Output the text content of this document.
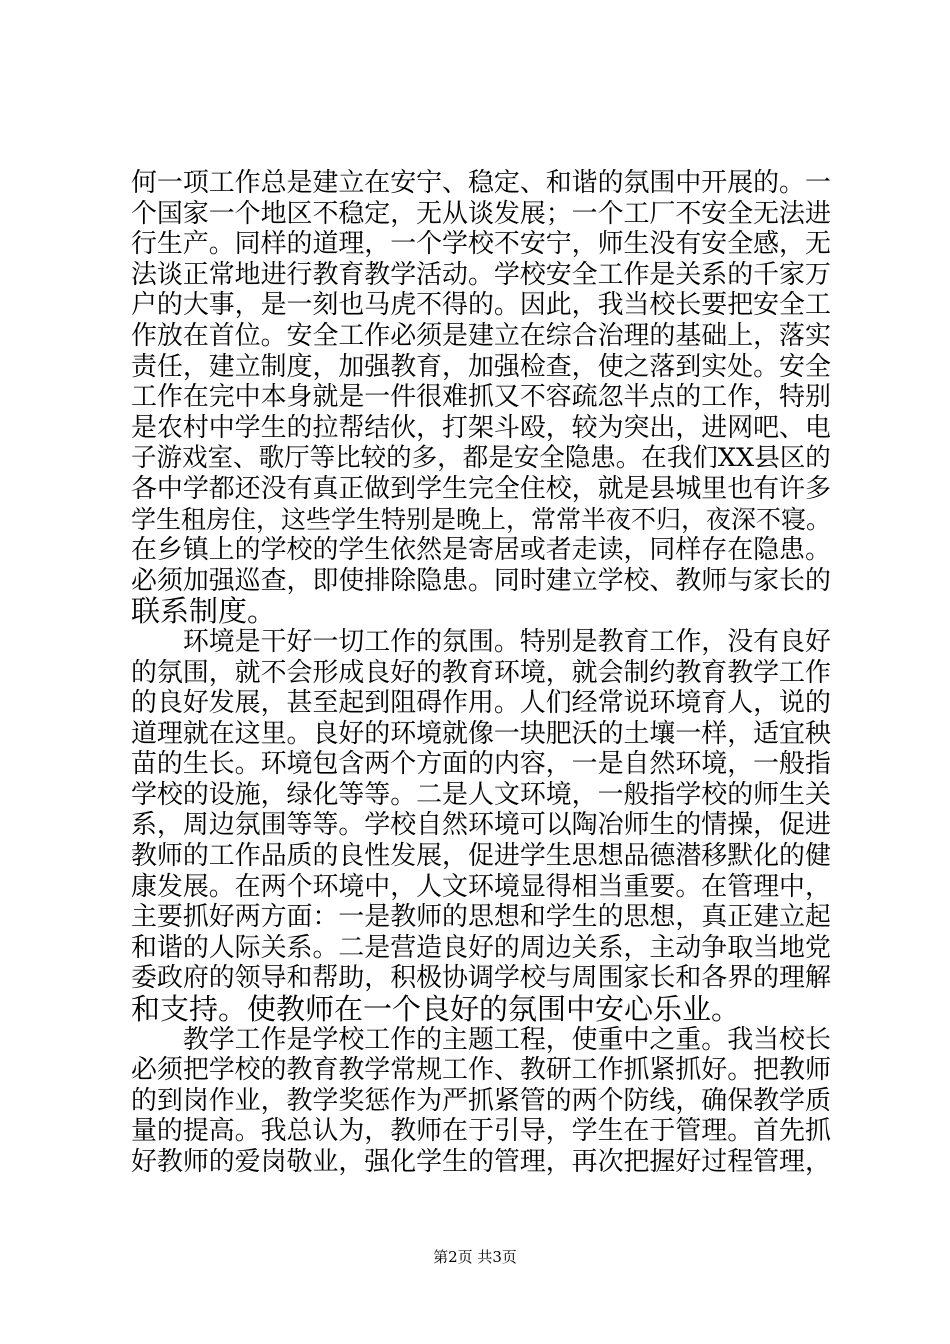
何一项工作总是建立在安宁、稳定、和谐的氛围中开展的。一
个国家一个地区不稳定，无从谈发展；一个工厂不安全无法进
行生产。同样的道理，一个学校不安宁，师生没有安全感，无
法谈正常地进行教育教学活动。学校安全工作是关系的千家万
户的大事，是一刻也马虎不得的。因此，我当校长要把安全工
作放在首位。安全工作必须是建立在综合治理的基础上，落实
责任，建立制度，加强教育，加强检查，使之落到实处。安全
工作在完中本身就是一件很难抓又不容疏忽半点的工作，特别
是农村中学生的拉帮结伙，打架斗殴，较为突出，进网吧、电
子游戏室、歌厅等比较的多，都是安全隐患。在我们XX县区的
各中学都还没有真正做到学生完全住校，就是县城里也有许多
学生租房住，这些学生特别是晚上，常常半夜不归，夜深不寝。
在乡镇上的学校的学生依然是寄居或者走读，同样存在隐患。
必须加强巡查，即使排除隐患。同时建立学校、教师与家长的
联系制度。
　　环境是干好一切工作的氛围。特别是教育工作，没有良好
的氛围，就不会形成良好的教育环境，就会制约教育教学工作
的良好发展，甚至起到阻碍作用。人们经常说环境育人，说的
道理就在这里。良好的环境就像一块肥沃的土壤一样，适宜秧
苗的生长。环境包含两个方面的内容，一是自然环境，一般指
学校的设施，绿化等等。二是人文环境，一般指学校的师生关
系，周边氛围等等。学校自然环境可以陶冶师生的情操，促进
教师的工作品质的良性发展，促进学生思想品德潜移默化的健
康发展。在两个环境中，人文环境显得相当重要。在管理中，
主要抓好两方面：一是教师的思想和学生的思想，真正建立起
和谐的人际关系。二是营造良好的周边关系，主动争取当地党
委政府的领导和帮助，积极协调学校与周围家长和各界的理解
和支持。使教师在一个良好的氛围中安心乐业。
　　教学工作是学校工作的主题工程，使重中之重。我当校长
必须把学校的教育教学常规工作、教研工作抓紧抓好。把教师
的到岗作业，教学奖惩作为严抓紧管的两个防线，确保教学质
量的提高。我总认为，教师在于引导，学生在于管理。首先抓
好教师的爱岗敬业，强化学生的管理，再次把握好过程管理，
第2页 共3页
